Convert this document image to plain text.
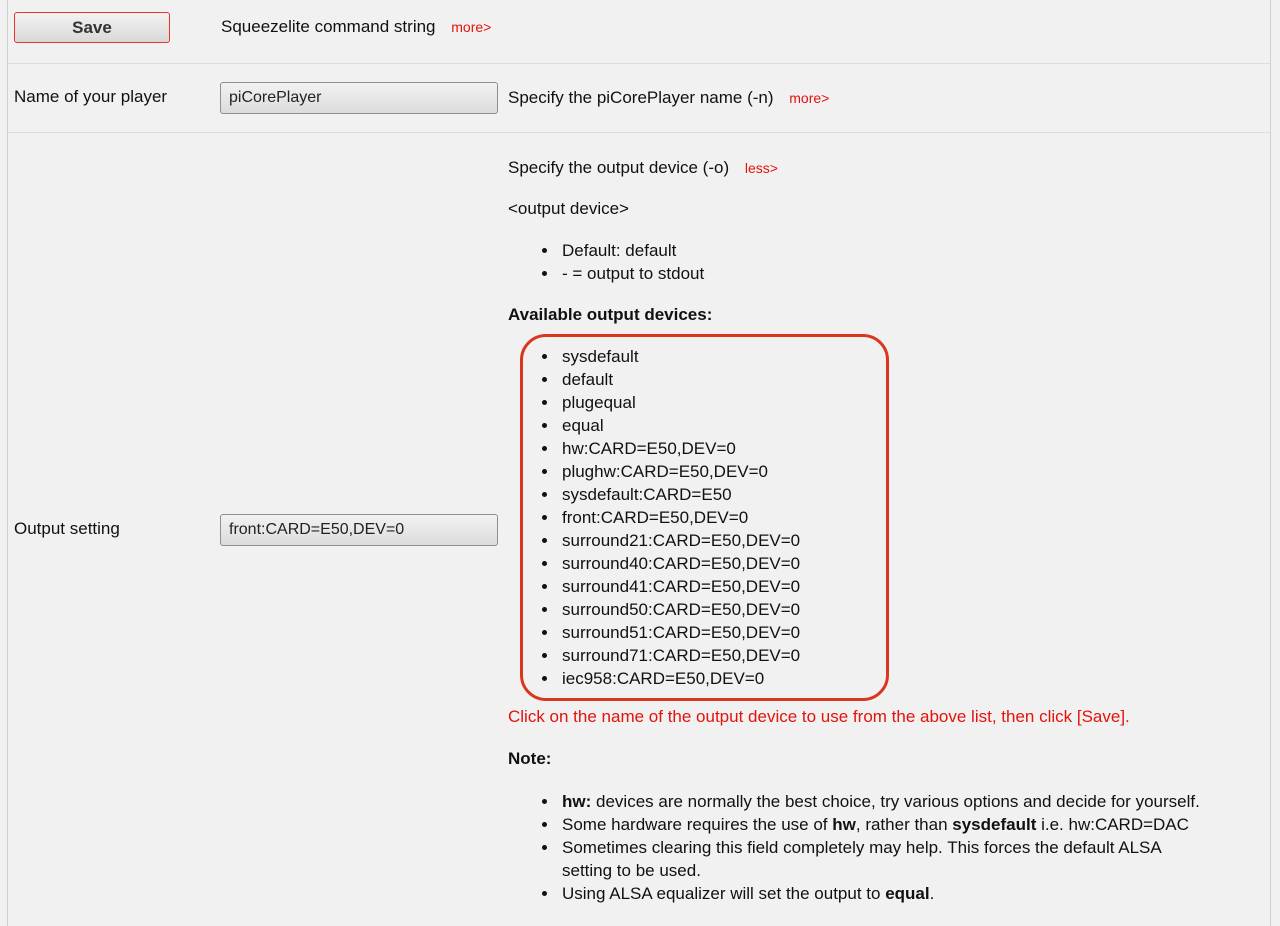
Save	Squeezelite command string more>
Name of your player
piCorePlayer	Specify the piCorePlayer name (-n) more>
Output setting
front:CARD=E50,DEV=0
Specify the output device (-o) less>
<output device>
Default: default
- = output to stdout
Available output devices:
sysdefault
default
plugequal
equal
hw:CARD=E50,DEV=0
plughw:CARD=E50,DEV=0
sysdefault:CARD=E50
front:CARD=E50,DEV=0
surround21:CARD=E50,DEV=0
surround40:CARD=E50,DEV=0
surround41:CARD=E50,DEV=0
surround50:CARD=E50,DEV=0
surround51:CARD=E50,DEV=0
surround71:CARD=E50,DEV=0
iec958:CARD=E50,DEV=0
Click on the name of the output device to use from the above list, then click [Save].
Note:
hw: devices are normally the best choice, try various options and decide for yourself.
Some hardware requires the use of hw, rather than sysdefault i.e. hw:CARD=DAC
Sometimes clearing this field completely may help. This forces the default ALSA
setting to be used.
Using ALSA equalizer will set the output to equal.
